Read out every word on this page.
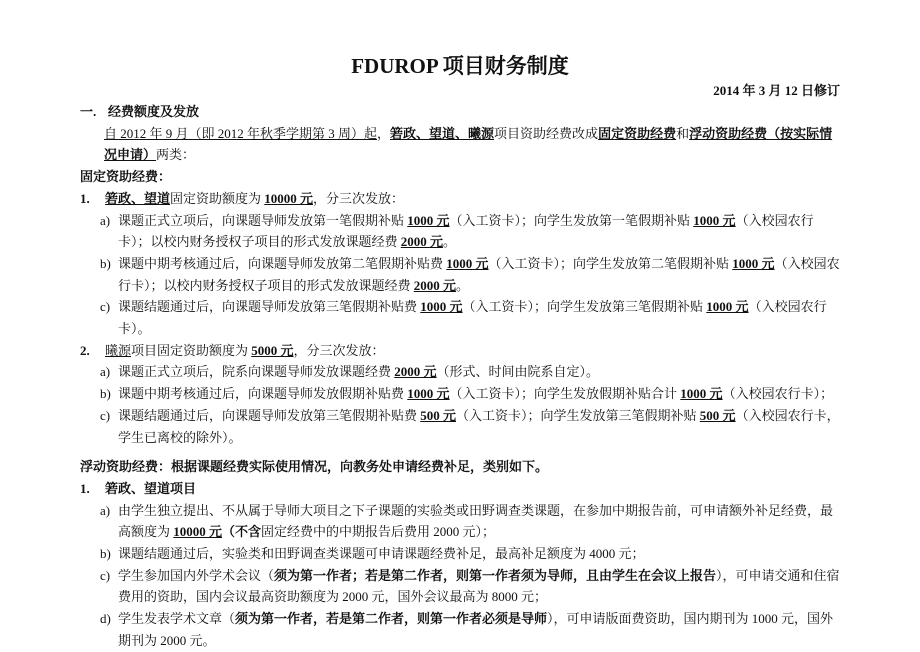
FDUROP 项目财务制度
2014 年 3 月 12 日修订
一. 经费额度及发放
自 2012 年 9 月（即 2012 年秋季学期第 3 周）起，箬政、望道、曦源项目资助经费改成固定资助经费和浮动资助经费（按实际情况申请）两类：
固定资助经费：
1. 箬政、望道固定资助额度为 10000 元，分三次发放：
a) 课题正式立项后，向课题导师发放第一笔假期补贴 1000 元（入工资卡）；向学生发放第一笔假期补贴 1000 元（入校园农行卡）；以校内财务授权子项目的形式发放课题经费 2000 元。
b) 课题中期考核通过后，向课题导师发放第二笔假期补贴费 1000 元（入工资卡）；向学生发放第二笔假期补贴 1000 元（入校园农行卡）；以校内财务授权子项目的形式发放课题经费 2000 元。
c) 课题结题通过后，向课题导师发放第三笔假期补贴费 1000 元（入工资卡）；向学生发放第三笔假期补贴 1000 元（入校园农行卡）。
2. 曦源项目固定资助额度为 5000 元，分三次发放：
a) 课题正式立项后，院系向课题导师发放课题经费 2000 元（形式、时间由院系自定）。
b) 课题中期考核通过后，向课题导师发放假期补贴费 1000 元（入工资卡）；向学生发放假期补贴合计 1000 元（入校园农行卡）；
c) 课题结题通过后，向课题导师发放第三笔假期补贴费 500 元（入工资卡）；向学生发放第三笔假期补贴 500 元（入校园农行卡，学生已离校的除外）。
浮动资助经费：根据课题经费实际使用情况，向教务处申请经费补足，类别如下。
1. 箬政、望道项目
a) 由学生独立提出、不从属于导师大项目之下子课题的实验类或田野调查类课题，在参加中期报告前，可申请额外补足经费，最高额度为 10000 元（不含固定经费中的中期报告后费用 2000 元）；
b) 课题结题通过后，实验类和田野调查类课题可申请课题经费补足，最高补足额度为 4000 元；
c) 学生参加国内外学术会议（须为第一作者；若是第二作者，则第一作者须为导师，且由学生在会议上报告），可申请交通和住宿费用的资助，国内会议最高资助额度为 2000 元，国外会议最高为 8000 元；
d) 学生发表学术文章（须为第一作者，若是第二作者，则第一作者必须是导师），可申请版面费资助，国内期刊为 1000 元，国外期刊为 2000 元。
